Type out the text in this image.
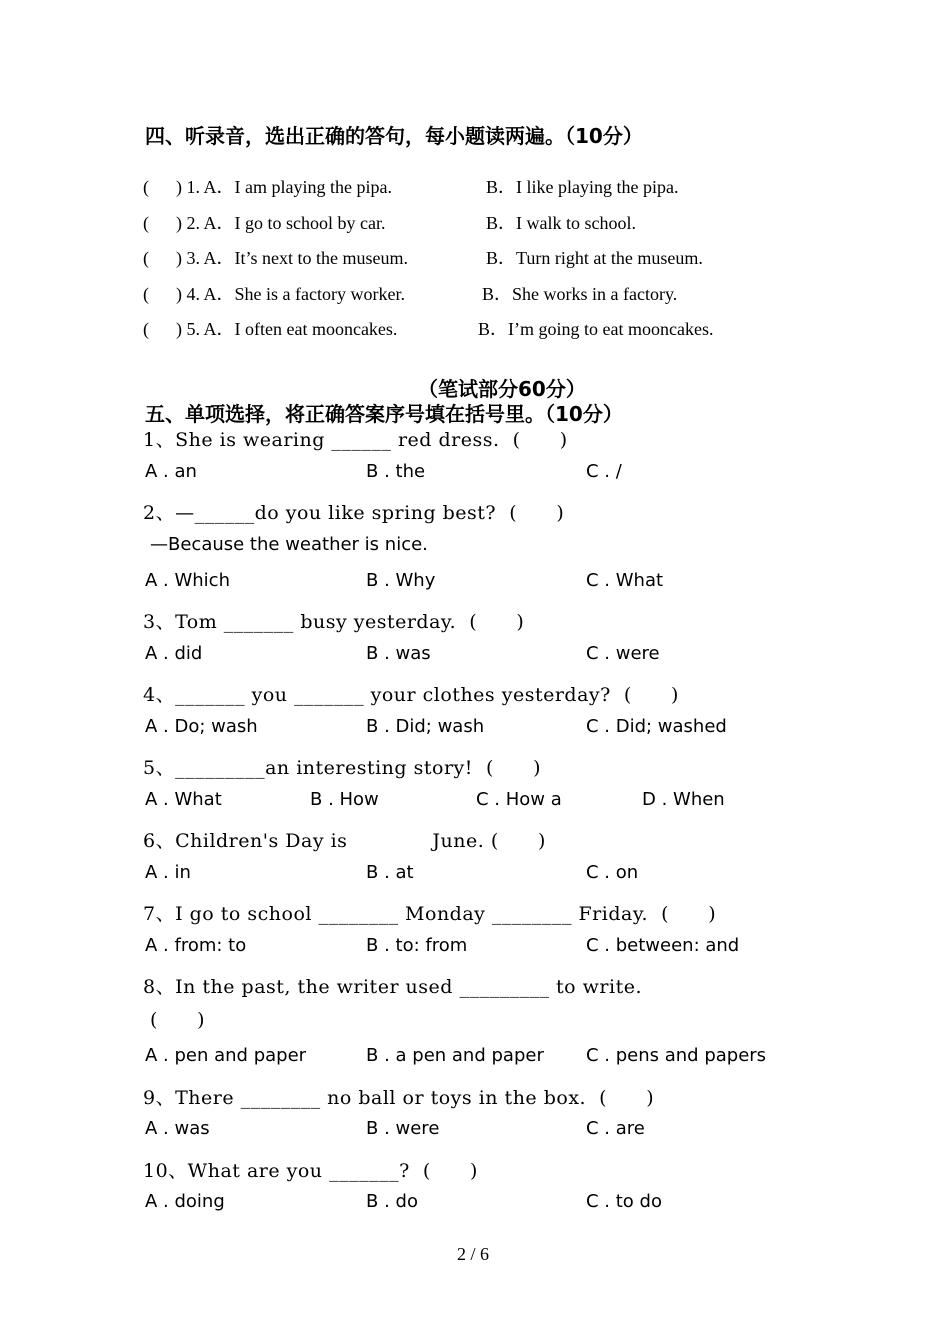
四、听录音，选出正确的答句，每小题读两遍。（10分）
(      ) 1. A．I am playing the pipa.	B．I like playing the pipa.
(      ) 2. A．I go to school by car.	B．I walk to school.
(      ) 3. A．It’s next to the museum.	B．Turn right at the museum.
(      ) 4. A．She is a factory worker.	B．She works in a factory.
(      ) 5. A．I often eat mooncakes.	B．I’m going to eat mooncakes.
（笔试部分60分）
五、单项选择，将正确答案序号填在括号里。（10分）
1、She is wearing ______ red dress.  (      )
A . an	B . the	C . /
2、—______do you like spring best?  (      )
—Because the weather is nice.
A . Which	B . Why	C . What
3、Tom _______ busy yesterday.  (      )
A . did	B . was	C . were
4、_______ you _______ your clothes yesterday?  (      )
A . Do; wash	B . Did; wash	C . Did; washed
5、_________an interesting story!  (      )
A . What	B . How	C . How a	D . When
6、Children's Day is             June. (      )
A . in	B . at	C . on
7、I go to school ________ Monday ________ Friday.  (      )
A . from: to	B . to: from	C . between: and
8、In the past, the writer used _________ to write.
(      )
A . pen and paper	B . a pen and paper C . pens and papers
9、There ________ no ball or toys in the box.  (      )
A . was	B . were	C . are
10、What are you _______?  (      )
A . doing	B . do	C . to do
2 / 6
